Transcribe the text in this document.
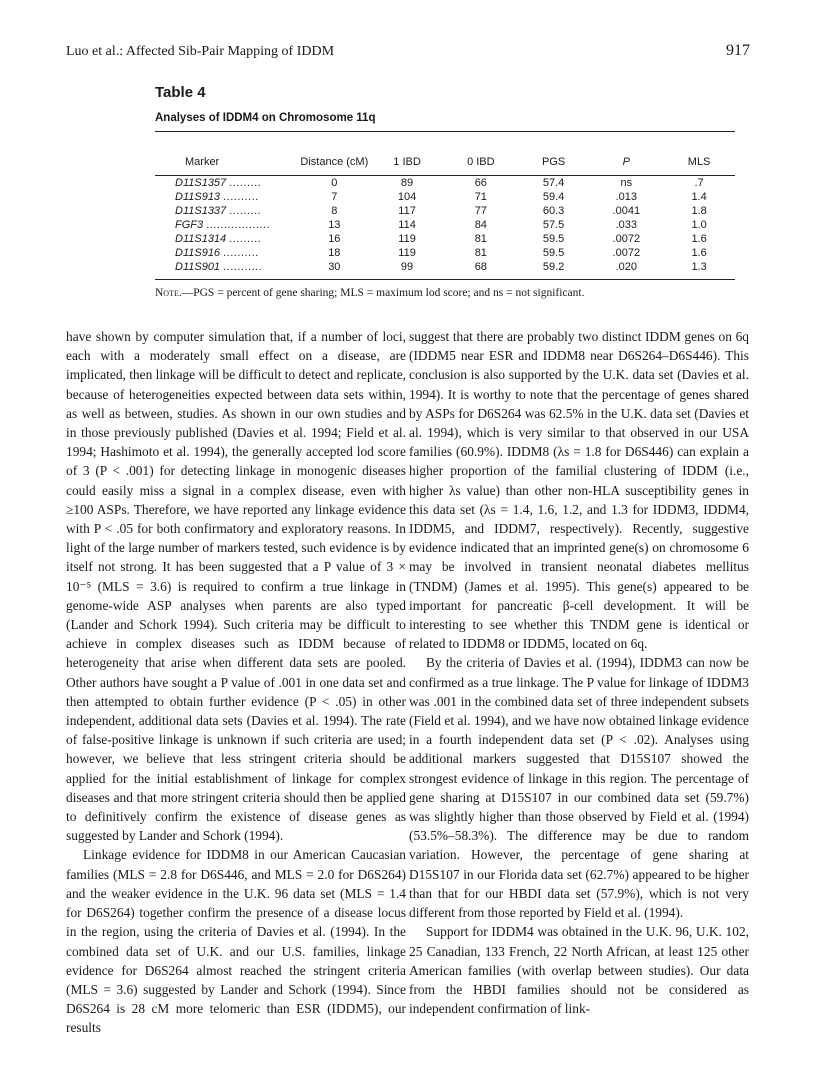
Luo et al.: Affected Sib-Pair Mapping of IDDM	917
Table 4
Analyses of IDDM4 on Chromosome 11q
Marker	Distance (cM)	1 IBD	0 IBD	PGS	P	MLS
D11S1357 .........	0	89	66	57.4	ns	.7
D11S913 ..........	7	104	71	59.4	.013	1.4
D11S1337 .........	8	117	77	60.3	.0041	1.8
FGF3 ..................	13	114	84	57.5	.033	1.0
D11S1314 .........	16	119	81	59.5	.0072	1.6
D11S916 ..........	18	119	81	59.5	.0072	1.6
D11S901 ...........	30	99	68	59.2	.020	1.3
Note.—PGS = percent of gene sharing; MLS = maximum lod score; and ns = not significant.

have shown by computer simulation that, if a number of loci, each with a moderately small effect on a disease, are implicated, then linkage will be difficult to detect and replicate, because of heterogeneities expected between data sets within, as well as between, studies. As shown in our own studies and in those previously published (Davies et al. 1994; Field et al. 1994; Hashimoto et al. 1994), the generally accepted lod score of 3 (P < .001) for detecting linkage in monogenic diseases could easily miss a signal in a complex disease, even with ≥100 ASPs. Therefore, we have reported any linkage evidence with P < .05 for both confirmatory and exploratory reasons. In light of the large number of markers tested, such evidence is by itself not strong. It has been suggested that a P value of 3 × 10⁻⁵ (MLS = 3.6) is required to confirm a true linkage in genome-wide ASP analyses when parents are also typed (Lander and Schork 1994). Such criteria may be difficult to achieve in complex diseases such as IDDM because of heterogeneity that arise when different data sets are pooled. Other authors have sought a P value of .001 in one data set and then attempted to obtain further evidence (P < .05) in other independent, additional data sets (Davies et al. 1994). The rate of false-positive linkage is unknown if such criteria are used; however, we believe that less stringent criteria should be applied for the initial establishment of linkage for complex diseases and that more stringent criteria should then be applied to definitively confirm the existence of disease genes as suggested by Lander and Schork (1994).

Linkage evidence for IDDM8 in our American Caucasian families (MLS = 2.8 for D6S446, and MLS = 2.0 for D6S264) and the weaker evidence in the U.K. 96 data set (MLS = 1.4 for D6S264) together confirm the presence of a disease locus in the region, using the criteria of Davies et al. (1994). In the combined data set of U.K. and our U.S. families, linkage evidence for D6S264 almost reached the stringent criteria (MLS = 3.6) suggested by Lander and Schork (1994). Since D6S264 is 28 cM more telomeric than ESR (IDDM5), our results

suggest that there are probably two distinct IDDM genes on 6q (IDDM5 near ESR and IDDM8 near D6S264–D6S446). This conclusion is also supported by the U.K. data set (Davies et al. 1994). It is worthy to note that the percentage of genes shared by ASPs for D6S264 was 62.5% in the U.K. data set (Davies et al. 1994), which is very similar to that observed in our USA families (60.9%). IDDM8 (λs = 1.8 for D6S446) can explain a higher proportion of the familial clustering of IDDM (i.e., higher λs value) than other non-HLA susceptibility genes in this data set (λs = 1.4, 1.6, 1.2, and 1.3 for IDDM3, IDDM4, IDDM5, and IDDM7, respectively). Recently, suggestive evidence indicated that an imprinted gene(s) on chromosome 6 may be involved in transient neonatal diabetes mellitus (TNDM) (James et al. 1995). This gene(s) appeared to be important for pancreatic β-cell development. It will be interesting to see whether this TNDM gene is identical or related to IDDM8 or IDDM5, located on 6q.

By the criteria of Davies et al. (1994), IDDM3 can now be confirmed as a true linkage. The P value for linkage of IDDM3 was .001 in the combined data set of three independent subsets (Field et al. 1994), and we have now obtained linkage evidence in a fourth independent data set (P < .02). Analyses using additional markers suggested that D15S107 showed the strongest evidence of linkage in this region. The percentage of gene sharing at D15S107 in our combined data set (59.7%) was slightly higher than those observed by Field et al. (1994) (53.5%–58.3%). The difference may be due to random variation. However, the percentage of gene sharing at D15S107 in our Florida data set (62.7%) appeared to be higher than that for our HBDI data set (57.9%), which is not very different from those reported by Field et al. (1994).

Support for IDDM4 was obtained in the U.K. 96, U.K. 102, 25 Canadian, 133 French, 22 North African, at least 125 other American families (with overlap between studies). Our data from the HBDI families should not be considered as independent confirmation of link-
